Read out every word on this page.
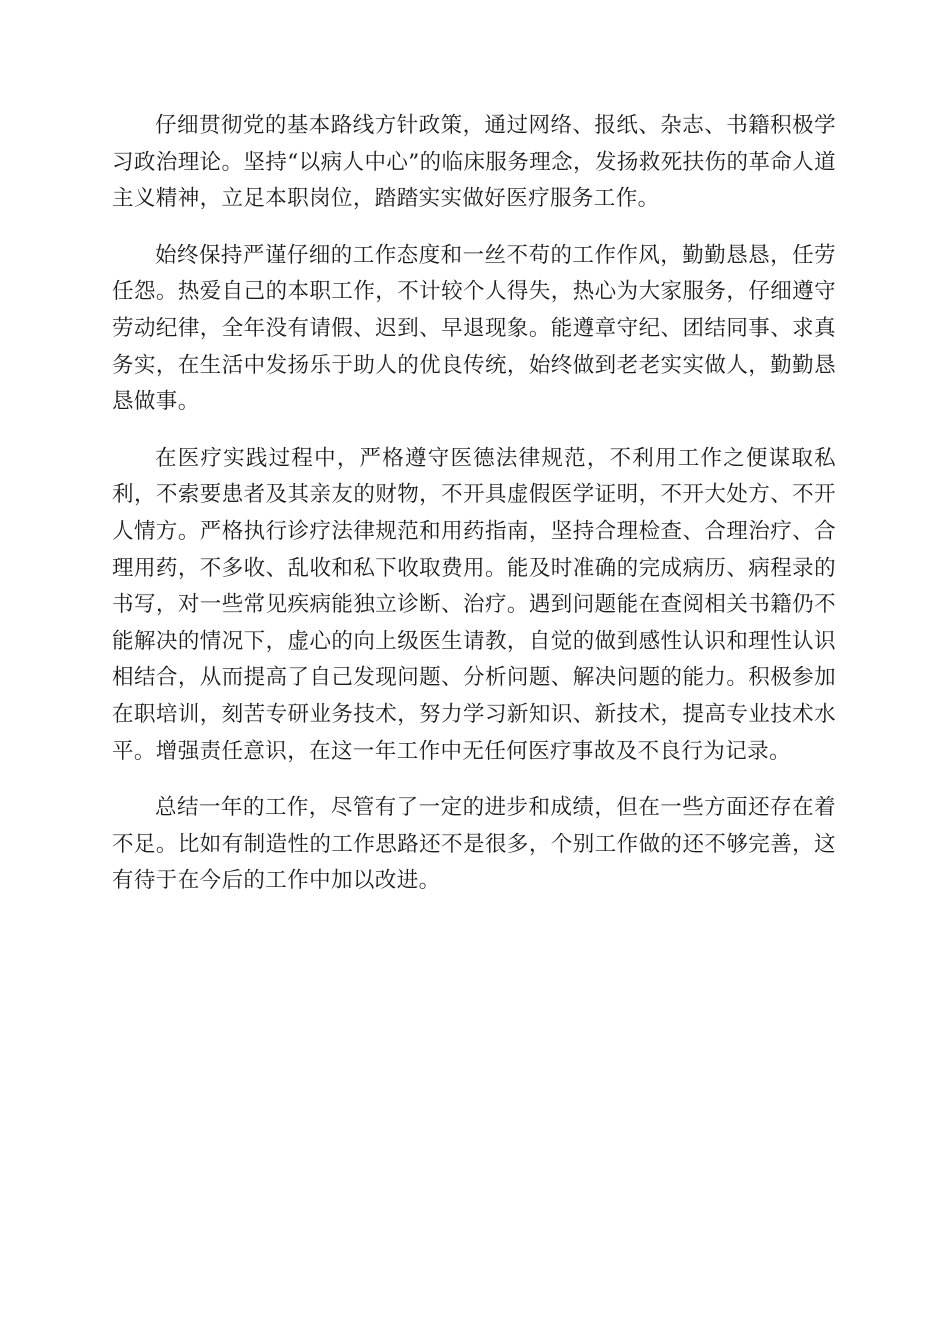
仔细贯彻党的基本路线方针政策，通过网络、报纸、杂志、书籍积极学习政治理论。坚持“以病人中心”的临床服务理念，发扬救死扶伤的革命人道主义精神，立足本职岗位，踏踏实实做好医疗服务工作。

始终保持严谨仔细的工作态度和一丝不苟的工作作风，勤勤恳恳，任劳任怨。热爱自己的本职工作，不计较个人得失，热心为大家服务，仔细遵守劳动纪律，全年没有请假、迟到、早退现象。能遵章守纪、团结同事、求真务实，在生活中发扬乐于助人的优良传统，始终做到老老实实做人，勤勤恳恳做事。

在医疗实践过程中，严格遵守医德法律规范，不利用工作之便谋取私利，不索要患者及其亲友的财物，不开具虚假医学证明，不开大处方、不开人情方。严格执行诊疗法律规范和用药指南，坚持合理检查、合理治疗、合理用药，不多收、乱收和私下收取费用。能及时准确的完成病历、病程录的书写，对一些常见疾病能独立诊断、治疗。遇到问题能在查阅相关书籍仍不能解决的情况下，虚心的向上级医生请教，自觉的做到感性认识和理性认识相结合，从而提高了自己发现问题、分析问题、解决问题的能力。积极参加在职培训，刻苦专研业务技术，努力学习新知识、新技术，提高专业技术水平。增强责任意识，在这一年工作中无任何医疗事故及不良行为记录。

总结一年的工作，尽管有了一定的进步和成绩，但在一些方面还存在着不足。比如有制造性的工作思路还不是很多，个别工作做的还不够完善，这有待于在今后的工作中加以改进。
